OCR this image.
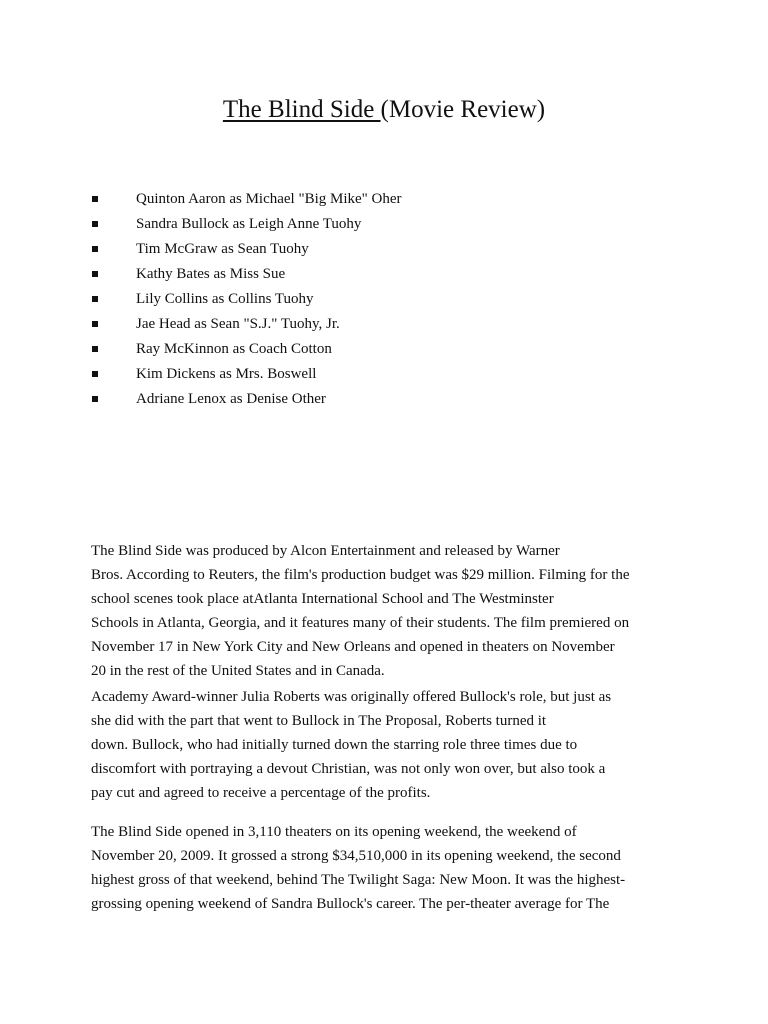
The Blind Side (Movie Review)
Quinton Aaron as Michael "Big Mike" Oher
Sandra Bullock as Leigh Anne Tuohy
Tim McGraw as Sean Tuohy
Kathy Bates as Miss Sue
Lily Collins as Collins Tuohy
Jae Head as Sean "S.J." Tuohy, Jr.
Ray McKinnon as Coach Cotton
Kim Dickens as Mrs. Boswell
Adriane Lenox as Denise Other
The Blind Side was produced by Alcon Entertainment and released by Warner
Bros. According to Reuters, the film's production budget was $29 million. Filming for the
school scenes took place atAtlanta International School and The Westminster
Schools in Atlanta, Georgia, and it features many of their students. The film premiered on
November 17 in New York City and New Orleans and opened in theaters on November
20 in the rest of the United States and in Canada.
Academy Award-winner Julia Roberts was originally offered Bullock's role, but just as
she did with the part that went to Bullock in The Proposal, Roberts turned it
down. Bullock, who had initially turned down the starring role three times due to
discomfort with portraying a devout Christian, was not only won over, but also took a
pay cut and agreed to receive a percentage of the profits.
The Blind Side opened in 3,110 theaters on its opening weekend, the weekend of
November 20, 2009. It grossed a strong $34,510,000 in its opening weekend, the second
highest gross of that weekend, behind The Twilight Saga: New Moon. It was the highest-
grossing opening weekend of Sandra Bullock's career. The per-theater average for The
